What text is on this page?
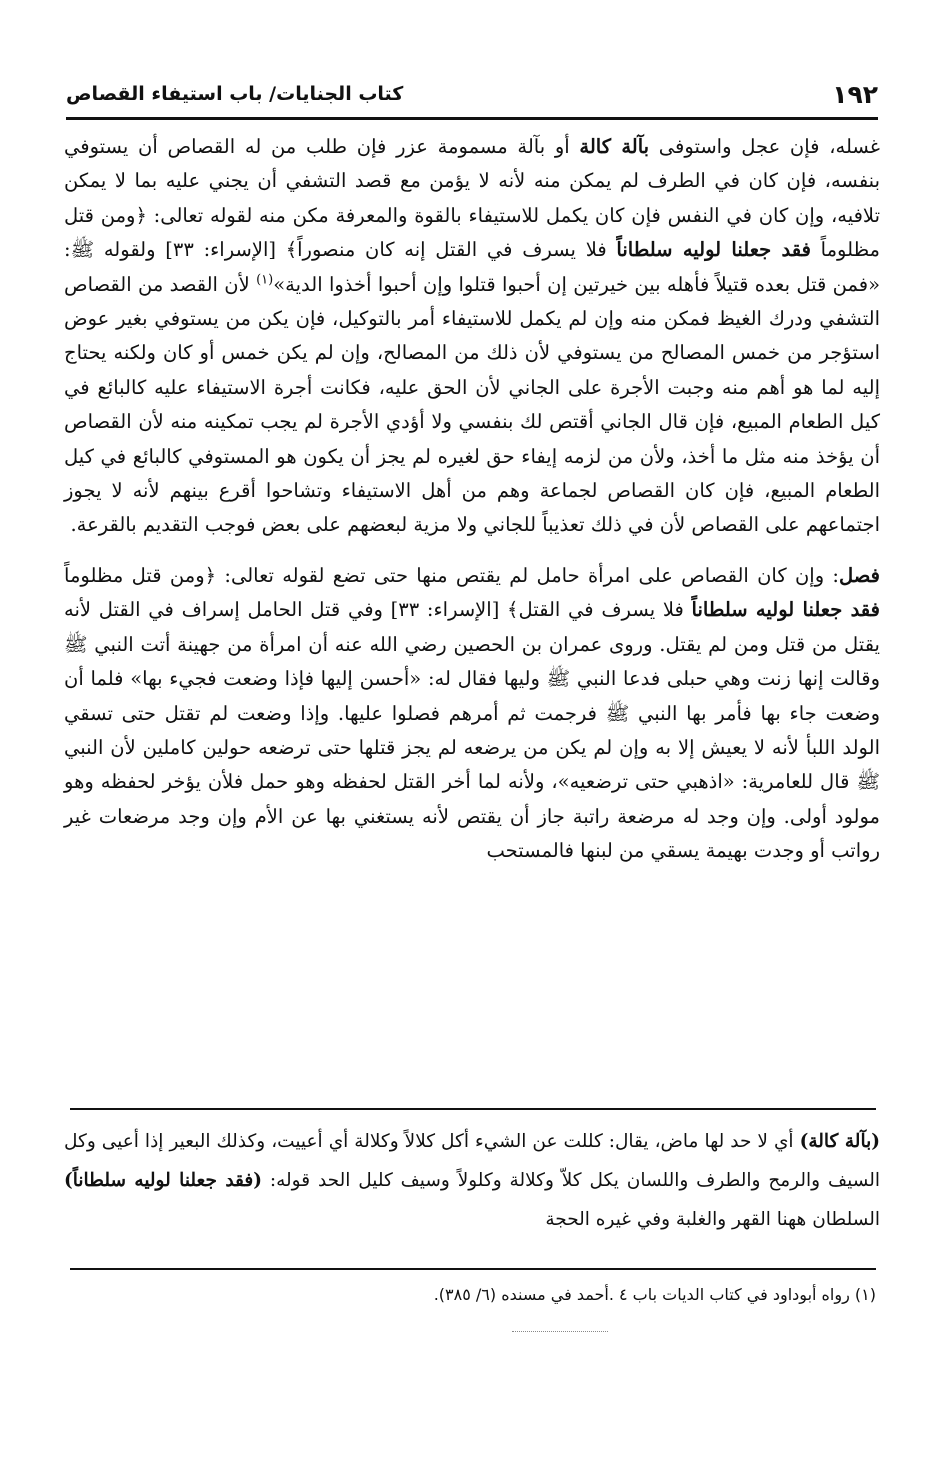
١٩٢
كتاب الجنايات/ باب استيفاء القصاص

غسله، فإن عجل واستوفى بآلة كالة أو بآلة مسمومة عزر فإن طلب من له القصاص أن يستوفي بنفسه، فإن كان في الطرف لم يمكن منه لأنه لا يؤمن مع قصد التشفي أن يجني عليه بما لا يمكن تلافيه، وإن كان في النفس فإن كان يكمل للاستيفاء بالقوة والمعرفة مكن منه لقوله تعالى: ﴿ومن قتل مظلوماً فقد جعلنا لوليه سلطاناً فلا يسرف في القتل إنه كان منصوراً﴾ [الإسراء: ٣٣] ولقوله ﷺ: «فمن قتل بعده قتيلاً فأهله بين خيرتين إن أحبوا قتلوا وإن أحبوا أخذوا الدية»$^{(١)}$ لأن القصد من القصاص التشفي ودرك الغيظ فمكن منه وإن لم يكمل للاستيفاء أمر بالتوكيل، فإن يكن من يستوفي بغير عوض استؤجر من خمس المصالح من يستوفي لأن ذلك من المصالح، وإن لم يكن خمس أو كان ولكنه يحتاج إليه لما هو أهم منه وجبت الأجرة على الجاني لأن الحق عليه، فكانت أجرة الاستيفاء عليه كالبائع في كيل الطعام المبيع، فإن قال الجاني أقتص لك بنفسي ولا أؤدي الأجرة لم يجب تمكينه منه لأن القصاص أن يؤخذ منه مثل ما أخذ، ولأن من لزمه إيفاء حق لغيره لم يجز أن يكون هو المستوفي كالبائع في كيل الطعام المبيع، فإن كان القصاص لجماعة وهم من أهل الاستيفاء وتشاحوا أقرع بينهم لأنه لا يجوز اجتماعهم على القصاص لأن في ذلك تعذيباً للجاني ولا مزية لبعضهم على بعض فوجب التقديم بالقرعة.

فصل: وإن كان القصاص على امرأة حامل لم يقتص منها حتى تضع لقوله تعالى: ﴿ومن قتل مظلوماً فقد جعلنا لوليه سلطاناً فلا يسرف في القتل﴾ [الإسراء: ٣٣] وفي قتل الحامل إسراف في القتل لأنه يقتل من قتل ومن لم يقتل. وروى عمران بن الحصين رضي الله عنه أن امرأة من جهينة أتت النبي ﷺ وقالت إنها زنت وهي حبلى فدعا النبي ﷺ وليها فقال له: «أحسن إليها فإذا وضعت فجيء بها» فلما أن وضعت جاء بها فأمر بها النبي ﷺ فرجمت ثم أمرهم فصلوا عليها. وإذا وضعت لم تقتل حتى تسقي الولد اللبأ لأنه لا يعيش إلا به وإن لم يكن من يرضعه لم يجز قتلها حتى ترضعه حولين كاملين لأن النبي ﷺ قال للعامرية: «اذهبي حتى ترضعيه»، ولأنه لما أخر القتل لحفظه وهو حمل فلأن يؤخر لحفظه وهو مولود أولى. وإن وجد له مرضعة راتبة جاز أن يقتص لأنه يستغني بها عن الأم وإن وجد مرضعات غير رواتب أو وجدت بهيمة يسقي من لبنها فالمستحب

(بآلة كالة) أي لا حد لها ماض، يقال: كللت عن الشيء أكل كلالاً وكلالة أي أعييت، وكذلك البعير إذا أعيى وكل السيف والرمح والطرف واللسان يكل كلاّ وكلالة وكلولاً وسيف كليل الحد قوله: (فقد جعلنا لوليه سلطاناً) السلطان ههنا القهر والغلبة وفي غيره الحجة

(١) رواه أبوداود في كتاب الديات باب ٤ .أحمد في مسنده (٦/ ٣٨٥).
